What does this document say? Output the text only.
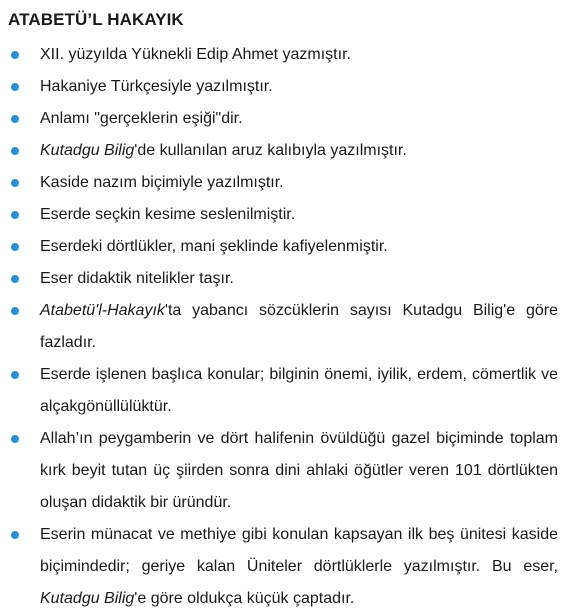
ATABETÜ’L HAKAYIK
XII. yüzyılda Yüknekli Edip Ahmet yazmıştır.
Hakaniye Türkçesiyle yazılmıştır.
Anlamı "gerçeklerin eşiği"dir.
Kutadgu Bilig'de kullanılan aruz kalıbıyla yazılmıştır.
Kaside nazım biçimiyle yazılmıştır.
Eserde seçkin kesime seslenilmiştir.
Eserdeki dörtlükler, mani şeklinde kafiyelenmiştir.
Eser didaktik nitelikler taşır.
Atabetü'l-Hakayık'ta yabancı sözcüklerin sayısı Kutadgu Bilig'e göre fazladır.
Eserde işlenen başlıca konular; bilginin önemi, iyilik, erdem, cömertlik ve alçakgönüllülüktür.
Allah’ın peygamberin ve dört halifenin övüldüğü gazel biçiminde toplam kırk beyit tutan üç şiirden sonra dini ahlaki öğütler veren 101 dörtlükten oluşan didaktik bir üründür.
Eserin münacat ve methiye gibi konulan kapsayan ilk beş ünitesi kaside biçimindedir; geriye kalan Üniteler dörtlüklerle yazılmıştır. Bu eser, Kutadgu Bilig'e göre oldukça küçük çaptadır.
